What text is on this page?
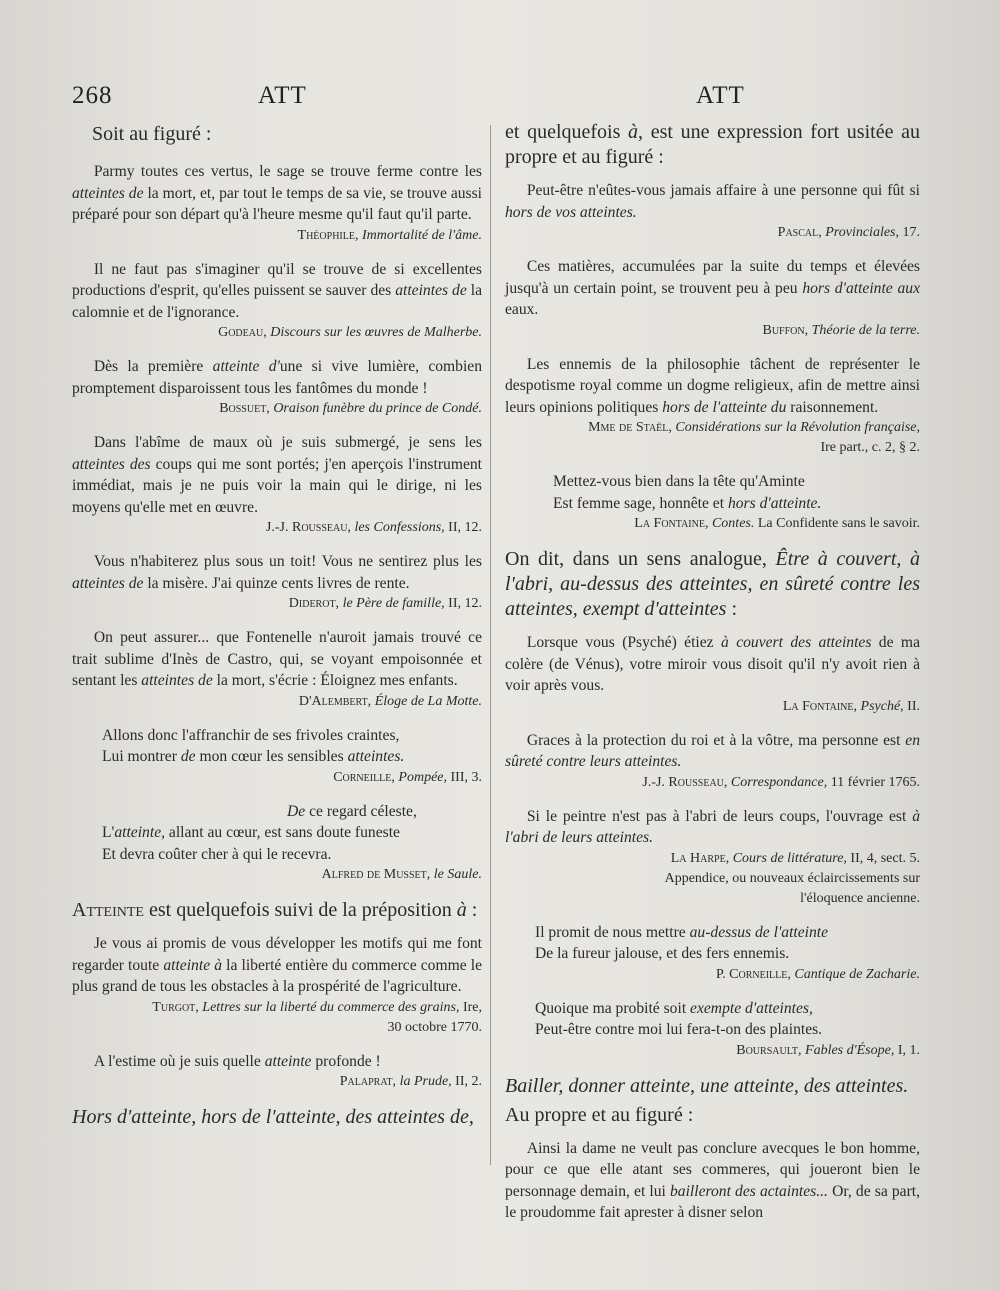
268	ATT	ATT

Soit au figuré :

Parmy toutes ces vertus, le sage se trouve ferme contre les atteintes de la mort, et, par tout le temps de sa vie, se trouve aussi préparé pour son départ qu'à l'heure mesme qu'il faut qu'il parte.

Théophile, Immortalité de l'âme.

Il ne faut pas s'imaginer qu'il se trouve de si excellentes productions d'esprit, qu'elles puissent se sauver des atteintes de la calomnie et de l'ignorance.

Godeau, Discours sur les œuvres de Malherbe.

Dès la première atteinte d'une si vive lumière, combien promptement disparoissent tous les fantômes du monde !

Bossuet, Oraison funèbre du prince de Condé.

Dans l'abîme de maux où je suis submergé, je sens les atteintes des coups qui me sont portés; j'en aperçois l'instrument immédiat, mais je ne puis voir la main qui le dirige, ni les moyens qu'elle met en œuvre.

J.-J. Rousseau, les Confessions, II, 12.

Vous n'habiterez plus sous un toit! Vous ne sentirez plus les atteintes de la misère. J'ai quinze cents livres de rente.

Diderot, le Père de famille, II, 12.

On peut assurer... que Fontenelle n'auroit jamais trouvé ce trait sublime d'Inès de Castro, qui, se voyant empoisonnée et sentant les atteintes de la mort, s'écrie : Éloignez mes enfants.

D'Alembert, Éloge de La Motte.

Allons donc l'affranchir de ses frivoles craintes,

Lui montrer de mon cœur les sensibles atteintes.

Corneille, Pompée, III, 3.

De ce regard céleste,

L'atteinte, allant au cœur, est sans doute funeste

Et devra coûter cher à qui le recevra.

Alfred de Musset, le Saule.

Atteinte est quelquefois suivi de la préposition à :

Je vous ai promis de vous développer les motifs qui me font regarder toute atteinte à la liberté entière du commerce comme le plus grand de tous les obstacles à la prospérité de l'agriculture.

Turgot, Lettres sur la liberté du commerce des grains, Ire, 30 octobre 1770.

A l'estime où je suis quelle atteinte profonde !

Palaprat, la Prude, II, 2.

Hors d'atteinte, hors de l'atteinte, des atteintes de,

et quelquefois à, est une expression fort usitée au propre et au figuré :

Peut-être n'eûtes-vous jamais affaire à une personne qui fût si hors de vos atteintes.

Pascal, Provinciales, 17.

Ces matières, accumulées par la suite du temps et élevées jusqu'à un certain point, se trouvent peu à peu hors d'atteinte aux eaux.

Buffon, Théorie de la terre.

Les ennemis de la philosophie tâchent de représenter le despotisme royal comme un dogme religieux, afin de mettre ainsi leurs opinions politiques hors de l'atteinte du raisonnement.

Mme de Staël, Considérations sur la Révolution française, Ire part., c. 2, § 2.

Mettez-vous bien dans la tête qu'Aminte

Est femme sage, honnête et hors d'atteinte.

La Fontaine, Contes. La Confidente sans le savoir.

On dit, dans un sens analogue, Être à couvert, à l'abri, au-dessus des atteintes, en sûreté contre les atteintes, exempt d'atteintes :

Lorsque vous (Psyché) étiez à couvert des atteintes de ma colère (de Vénus), votre miroir vous disoit qu'il n'y avoit rien à voir après vous.

La Fontaine, Psyché, II.

Graces à la protection du roi et à la vôtre, ma personne est en sûreté contre leurs atteintes.

J.-J. Rousseau, Correspondance, 11 février 1765.

Si le peintre n'est pas à l'abri de leurs coups, l'ouvrage est à l'abri de leurs atteintes.

La Harpe, Cours de littérature, II, 4, sect. 5. Appendice, ou nouveaux éclaircissements sur l'éloquence ancienne.

Il promit de nous mettre au-dessus de l'atteinte

De la fureur jalouse, et des fers ennemis.

P. Corneille, Cantique de Zacharie.

Quoique ma probité soit exempte d'atteintes,

Peut-être contre moi lui fera-t-on des plaintes.

Boursault, Fables d'Ésope, I, 1.

Bailler, donner atteinte, une atteinte, des atteintes.

Au propre et au figuré :

Ainsi la dame ne veult pas conclure avecques le bon homme, pour ce que elle atant ses commeres, qui joueront bien le personnage demain, et lui bailleront des actaintes... Or, de sa part, le proudomme fait aprester à disner selon
